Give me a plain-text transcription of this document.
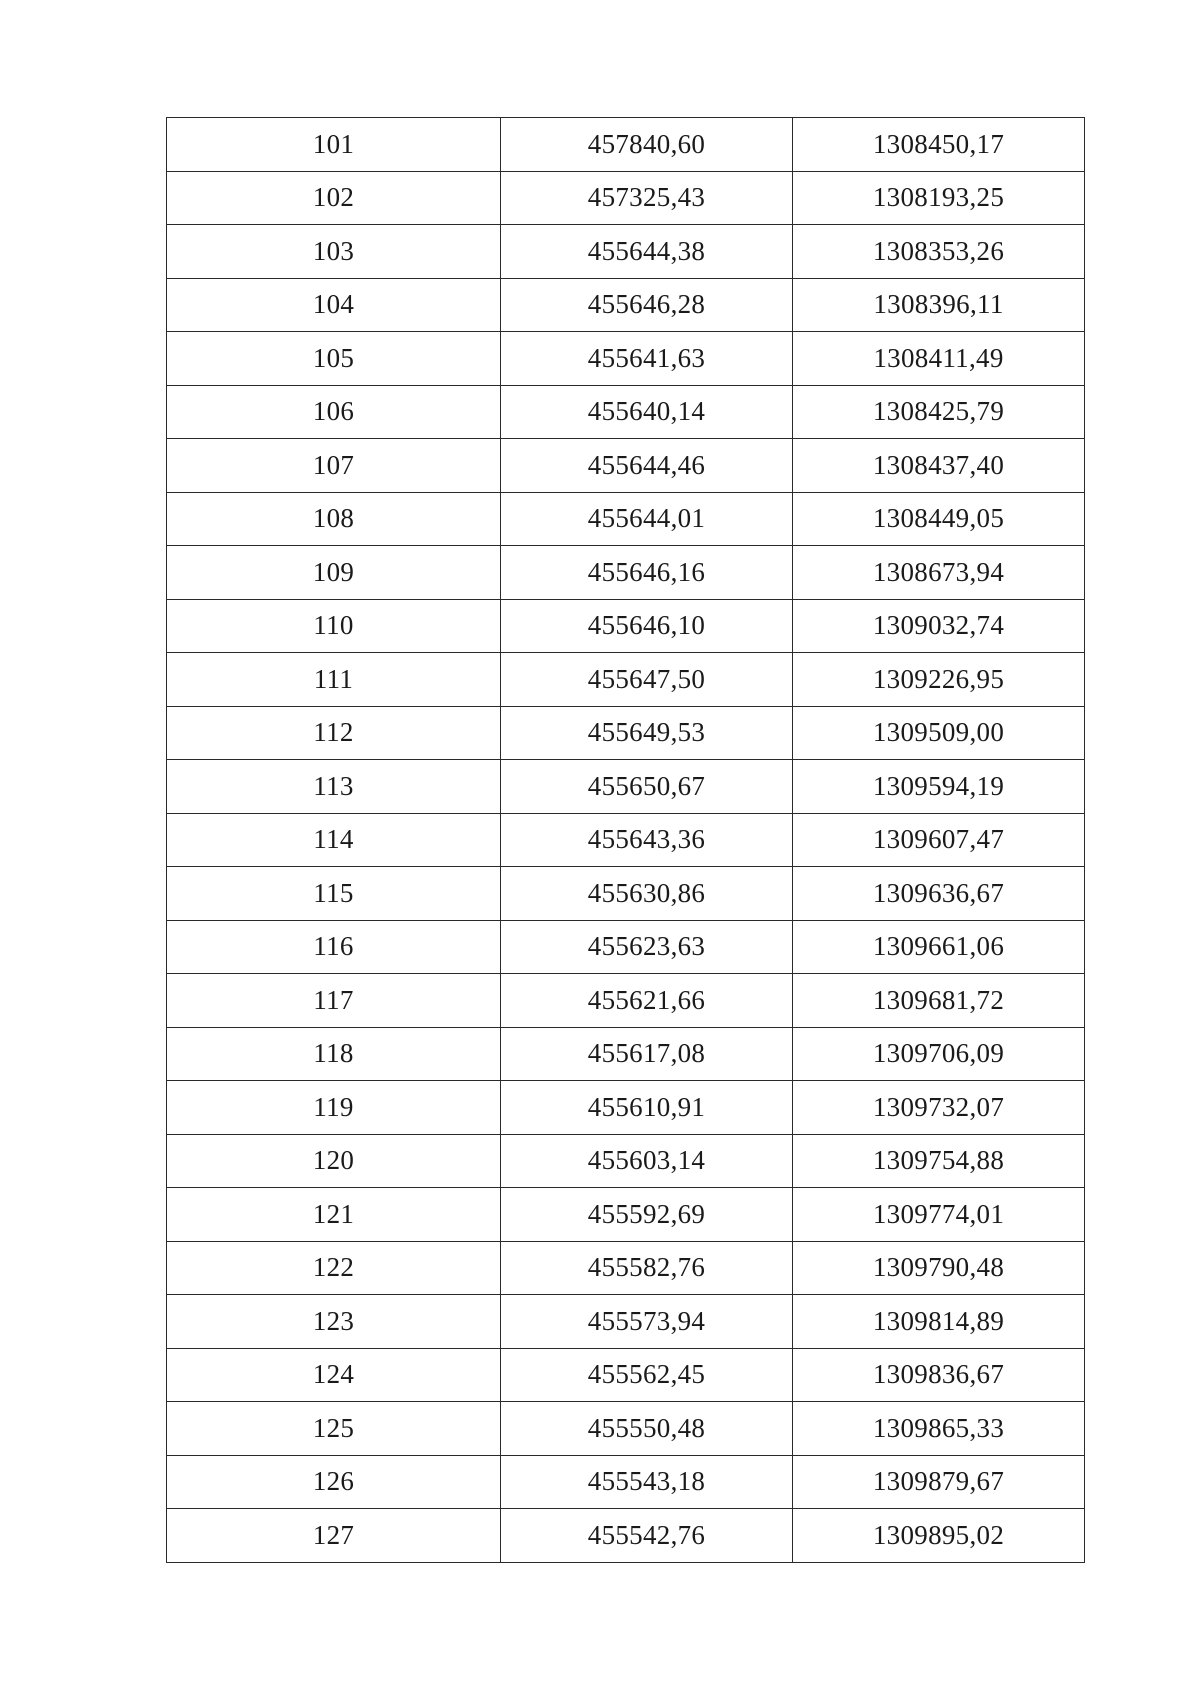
101	457840,60	1308450,17
102	457325,43	1308193,25
103	455644,38	1308353,26
104	455646,28	1308396,11
105	455641,63	1308411,49
106	455640,14	1308425,79
107	455644,46	1308437,40
108	455644,01	1308449,05
109	455646,16	1308673,94
110	455646,10	1309032,74
111	455647,50	1309226,95
112	455649,53	1309509,00
113	455650,67	1309594,19
114	455643,36	1309607,47
115	455630,86	1309636,67
116	455623,63	1309661,06
117	455621,66	1309681,72
118	455617,08	1309706,09
119	455610,91	1309732,07
120	455603,14	1309754,88
121	455592,69	1309774,01
122	455582,76	1309790,48
123	455573,94	1309814,89
124	455562,45	1309836,67
125	455550,48	1309865,33
126	455543,18	1309879,67
127	455542,76	1309895,02
